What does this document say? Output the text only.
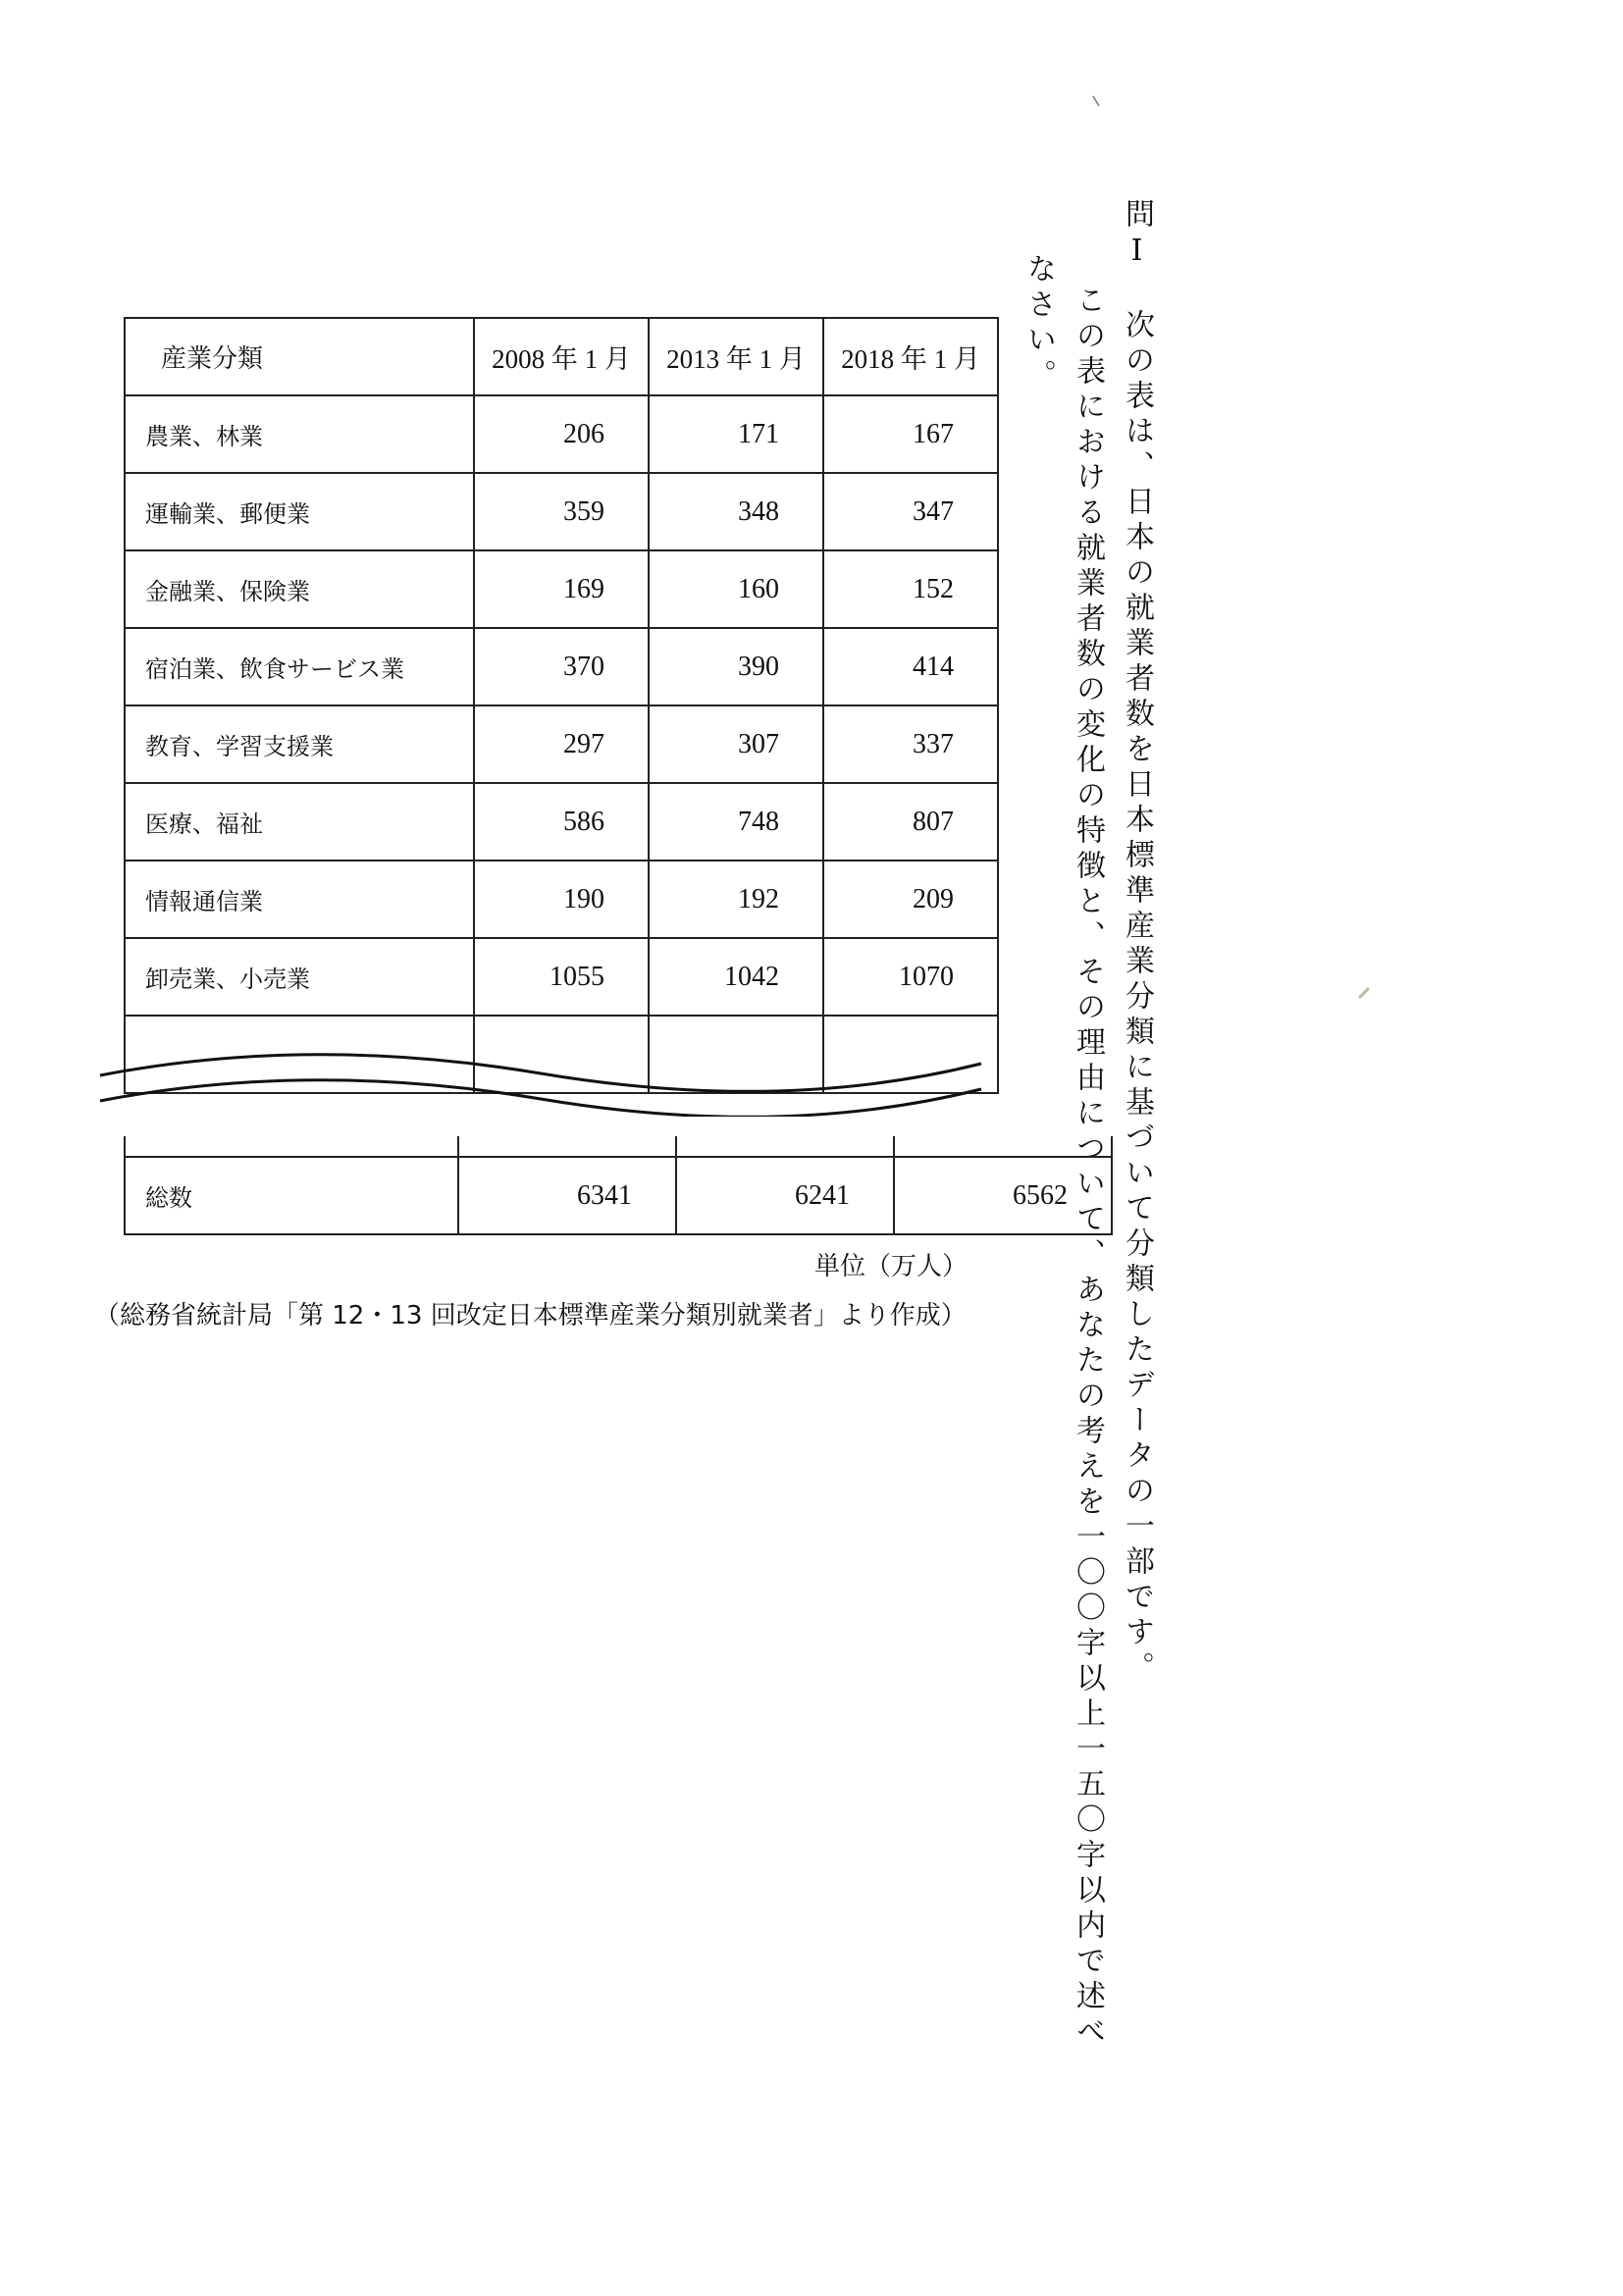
問Ⅰ　次の表は、日本の就業者数を日本標準産業分類に基づいて分類したデータの一部です。
この表における就業者数の変化の特徴と、その理由について、あなたの考えを一〇〇字以上一五〇字以内で述べ
なさい。
産業分類	2008 年 1 月	2013 年 1 月	2018 年 1 月
農業、林業	206	171	167
運輸業、郵便業	359	348	347
金融業、保険業	169	160	152
宿泊業、飲食サービス業	370	390	414
教育、学習支援業	297	307	337
医療、福祉	586	748	807
情報通信業	190	192	209
卸売業、小売業	1055	1042	1070

総数	6341	6241	6562
単位（万人）
（総務省統計局「第 12・13 回改定日本標準産業分類別就業者」より作成）
